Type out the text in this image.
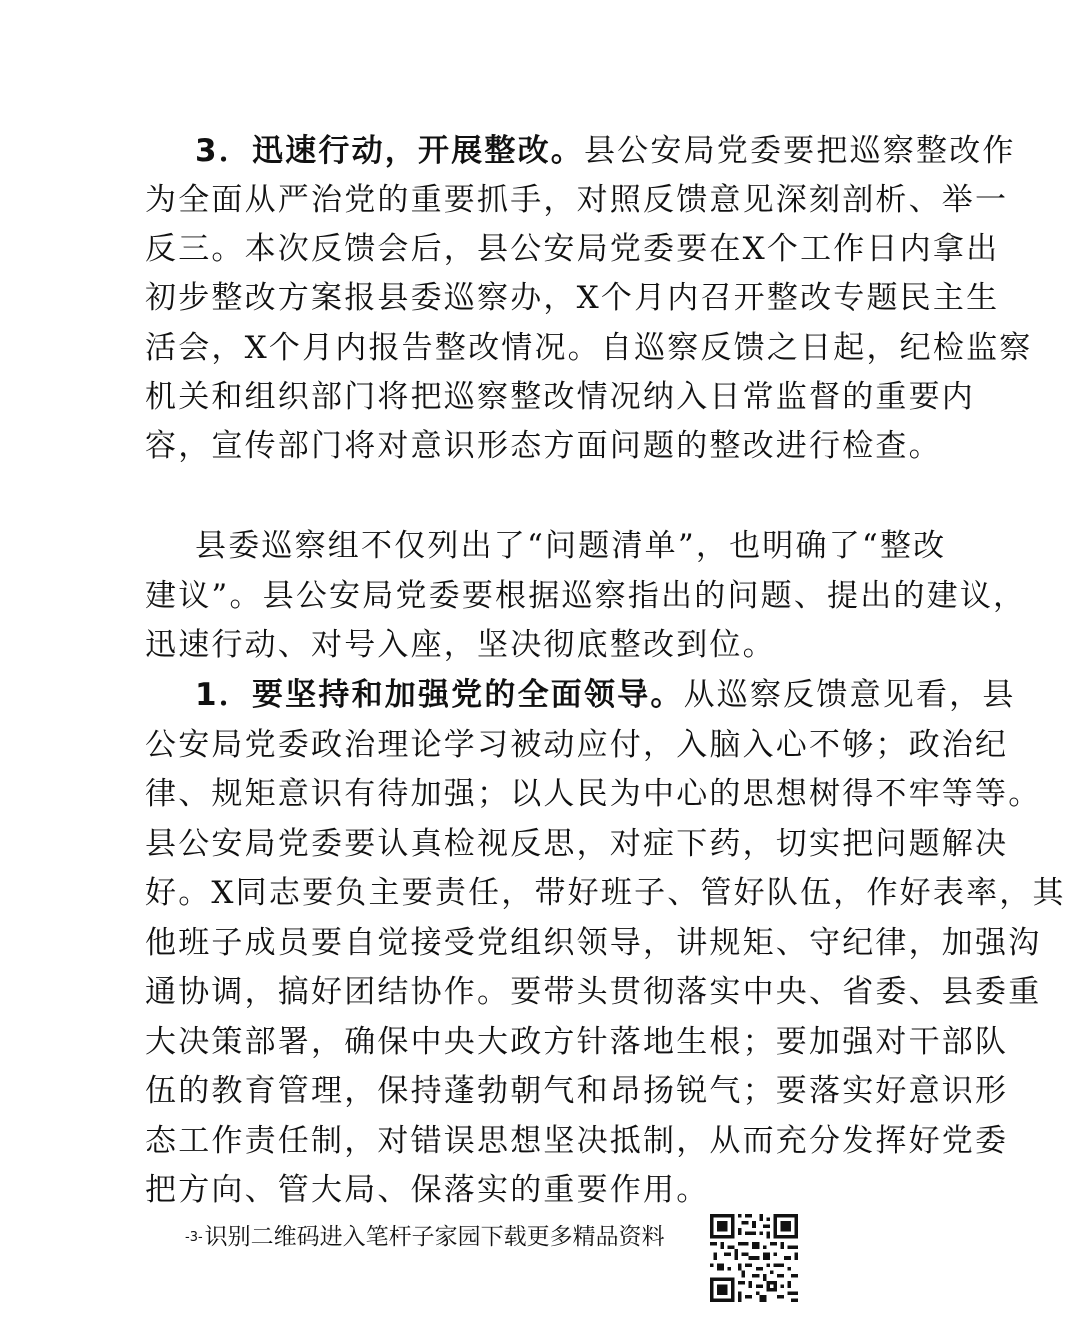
3．迅速行动，开展整改。县公安局党委要把巡察整改作
为全面从严治党的重要抓手，对照反馈意见深刻剖析、举一
反三。本次反馈会后，县公安局党委要在X个工作日内拿出
初步整改方案报县委巡察办，X个月内召开整改专题民主生
活会，X个月内报告整改情况。自巡察反馈之日起，纪检监察
机关和组织部门将把巡察整改情况纳入日常监督的重要内
容，宣传部门将对意识形态方面问题的整改进行检查。
县委巡察组不仅列出了“问题清单”，也明确了“整改
建议”。县公安局党委要根据巡察指出的问题、提出的建议，
迅速行动、对号入座，坚决彻底整改到位。
1．要坚持和加强党的全面领导。从巡察反馈意见看，县
公安局党委政治理论学习被动应付，入脑入心不够；政治纪
律、规矩意识有待加强；以人民为中心的思想树得不牢等等。
县公安局党委要认真检视反思，对症下药，切实把问题解决
好。X同志要负主要责任，带好班子、管好队伍，作好表率，其
他班子成员要自觉接受党组织领导，讲规矩、守纪律，加强沟
通协调，搞好团结协作。要带头贯彻落实中央、省委、县委重
大决策部署，确保中央大政方针落地生根；要加强对干部队
伍的教育管理，保持蓬勃朝气和昂扬锐气；要落实好意识形
态工作责任制，对错误思想坚决抵制，从而充分发挥好党委
把方向、管大局、保落实的重要作用。
-3-识别二维码进入笔杆子家园下载更多精品资料
